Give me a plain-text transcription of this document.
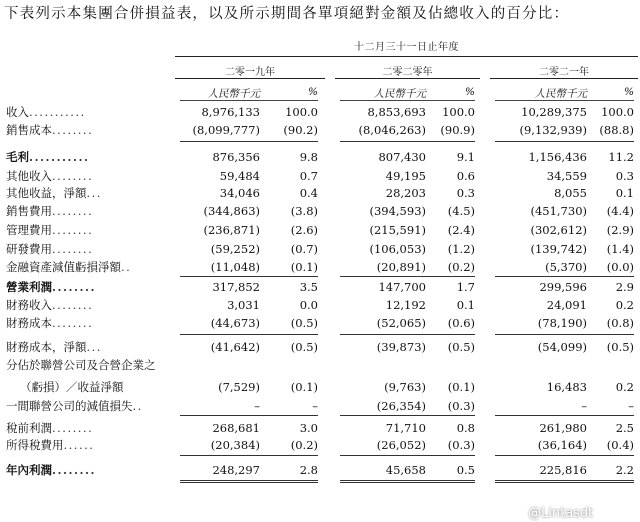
下表列示本集團合併損益表，以及所示期間各單項絕對金額及佔總收入的百分比：
十二月三十一日止年度
二零一九年	二零二零年	二零二一年
人民幣千元	%	人民幣千元	%	人民幣千元	%
收入...........	8,976,133	100.0	8,853,693	100.0	10,289,375	100.0
銷售成本........	(8,099,777)	(90.2)	(8,046,263)	(90.9)	(9,132,939)	(88.8)
毛利...........	876,356	9.8	807,430	9.1	1,156,436	11.2
其他收入........	59,484	0.7	49,195	0.6	34,559	0.3
其他收益，淨額...	34,046	0.4	28,203	0.3	8,055	0.1
銷售費用........	(344,863)	(3.8)	(394,593)	(4.5)	(451,730)	(4.4)
管理費用........	(236,871)	(2.6)	(215,591)	(2.4)	(302,612)	(2.9)
研發費用........	(59,252)	(0.7)	(106,053)	(1.2)	(139,742)	(1.4)
金融資產減值虧損淨額..	(11,048)	(0.1)	(20,891)	(0.2)	(5,370)	(0.0)
營業利潤........	317,852	3.5	147,700	1.7	299,596	2.9
財務收入........	3,031	0.0	12,192	0.1	24,091	0.2
財務成本........	(44,673)	(0.5)	(52,065)	(0.6)	(78,190)	(0.8)
財務成本，淨額...	(41,642)	(0.5)	(39,873)	(0.5)	(54,099)	(0.5)
分佔於聯營公司及合營企業之
（虧損）／收益淨額	(7,529)	(0.1)	(9,763)	(0.1)	16,483	0.2
一間聯營公司的減值損失..	–	–	(26,354)	(0.3)	–	–
稅前利潤........	268,681	3.0	71,710	0.8	261,980	2.5
所得稅費用......	(20,384)	(0.2)	(26,052)	(0.3)	(36,164)	(0.4)
年內利潤........	248,297	2.8	45,658	0.5	225,816	2.2
@Lintasdt
